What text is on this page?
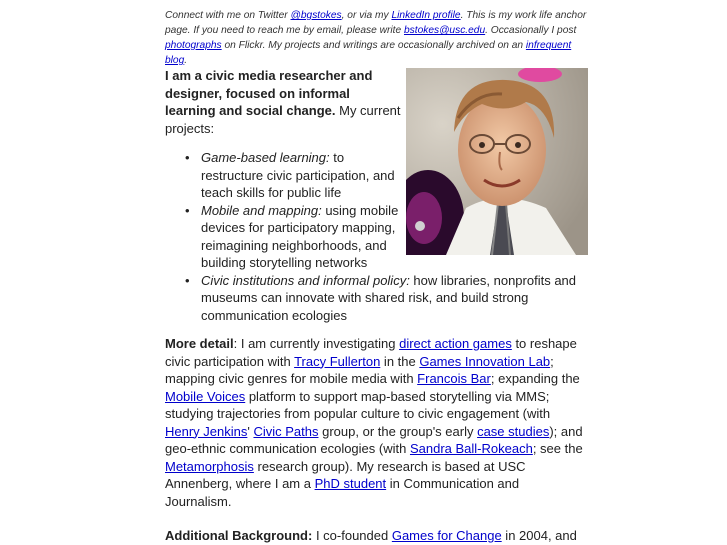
Connect with me on Twitter @bgstokes, or via my LinkedIn profile. This is my work life anchor page. If you need to reach me by email, please write bstokes@usc.edu. Occasionally I post photographs on Flickr. My projects and writings are occasionally archived on an infrequent blog.

I am a civic media researcher and designer, focused on informal learning and social change. My current projects:

• Game-based learning: to restructure civic participation, and teach skills for public life
• Mobile and mapping: using mobile devices for participatory mapping, reimagining neighborhoods, and building storytelling networks
• Civic institutions and informal policy: how libraries, nonprofits and museums can innovate with shared risk, and build strong communication ecologies

More detail: I am currently investigating direct action games to reshape civic participation with Tracy Fullerton in the Games Innovation Lab; mapping civic genres for mobile media with Francois Bar; expanding the Mobile Voices platform to support map-based storytelling via MMS; studying trajectories from popular culture to civic engagement (with Henry Jenkins' Civic Paths group, or the group's early case studies); and geo-ethnic communication ecologies (with Sandra Ball-Rokeach; see the Metamorphosis research group). My research is based at USC Annenberg, where I am a PhD student in Communication and Journalism.

Additional Background: I co-founded Games for Change in 2004, and
